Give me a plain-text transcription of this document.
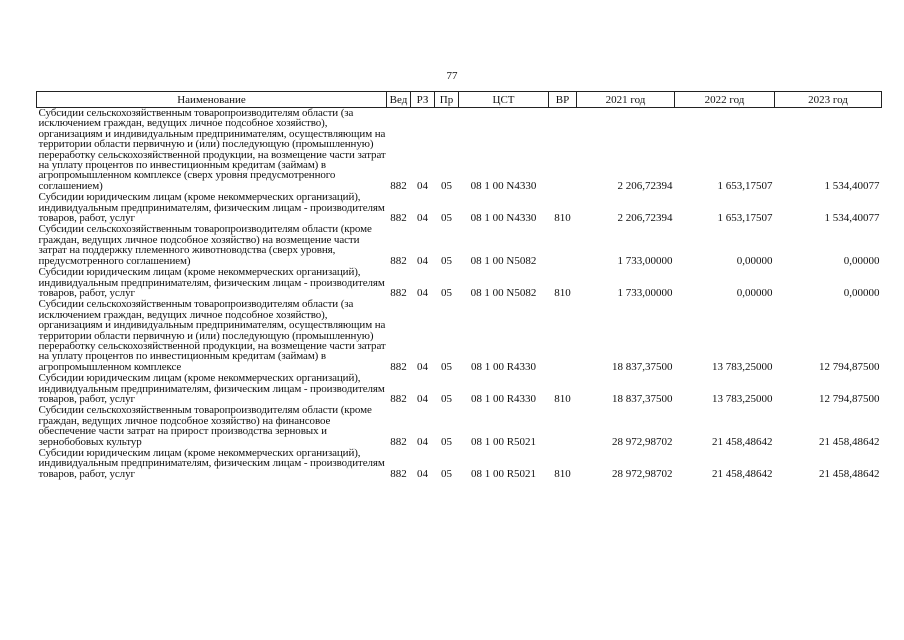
77
Наименование	Вед	РЗ	Пр	ЦСТ	ВР	2021 год	2022 год	2023 год

Субсидии сельскохозяйственным товаропроизводителям области (за исключением граждан, ведущих личное подсобное хозяйство), организациям и индивидуальным предпринимателям, осуществляющим на территории области первичную и (или) последующую (промышленную) переработку сельскохозяйственной продукции, на возмещение части затрат на уплату процентов по инвестиционным кредитам (займам) в агропромышленном комплексе (сверх уровня предусмотренного соглашением)	882	04	05	08 1 00 N4330		2 206,72394	1 653,17507	1 534,40077

Субсидии юридическим лицам (кроме некоммерческих организаций), индивидуальным предпринимателям, физическим лицам - производителям товаров, работ, услуг	882	04	05	08 1 00 N4330	810	2 206,72394	1 653,17507	1 534,40077

Субсидии сельскохозяйственным товаропроизводителям области (кроме граждан, ведущих личное подсобное хозяйство) на возмещение части затрат на поддержку племенного животноводства (сверх уровня, предусмотренного соглашением)	882	04	05	08 1 00 N5082		1 733,00000	0,00000	0,00000

Субсидии юридическим лицам (кроме некоммерческих организаций), индивидуальным предпринимателям, физическим лицам - производителям товаров, работ, услуг	882	04	05	08 1 00 N5082	810	1 733,00000	0,00000	0,00000

Субсидии сельскохозяйственным товаропроизводителям области (за исключением граждан, ведущих личное подсобное хозяйство), организациям и индивидуальным предпринимателям, осуществляющим на территории области первичную и (или) последующую (промышленную) переработку сельскохозяйственной продукции, на возмещение части затрат на уплату процентов по инвестиционным кредитам (займам) в агропромышленном комплексе	882	04	05	08 1 00 R4330		18 837,37500	13 783,25000	12 794,87500

Субсидии юридическим лицам (кроме некоммерческих организаций), индивидуальным предпринимателям, физическим лицам - производителям товаров, работ, услуг	882	04	05	08 1 00 R4330	810	18 837,37500	13 783,25000	12 794,87500

Субсидии сельскохозяйственным товаропроизводителям области (кроме граждан, ведущих личное подсобное хозяйство) на финансовое обеспечение части затрат на прирост производства зерновых и зернобобовых культур	882	04	05	08 1 00 R5021		28 972,98702	21 458,48642	21 458,48642

Субсидии юридическим лицам (кроме некоммерческих организаций), индивидуальным предпринимателям, физическим лицам - производителям товаров, работ, услуг	882	04	05	08 1 00 R5021	810	28 972,98702	21 458,48642	21 458,48642
